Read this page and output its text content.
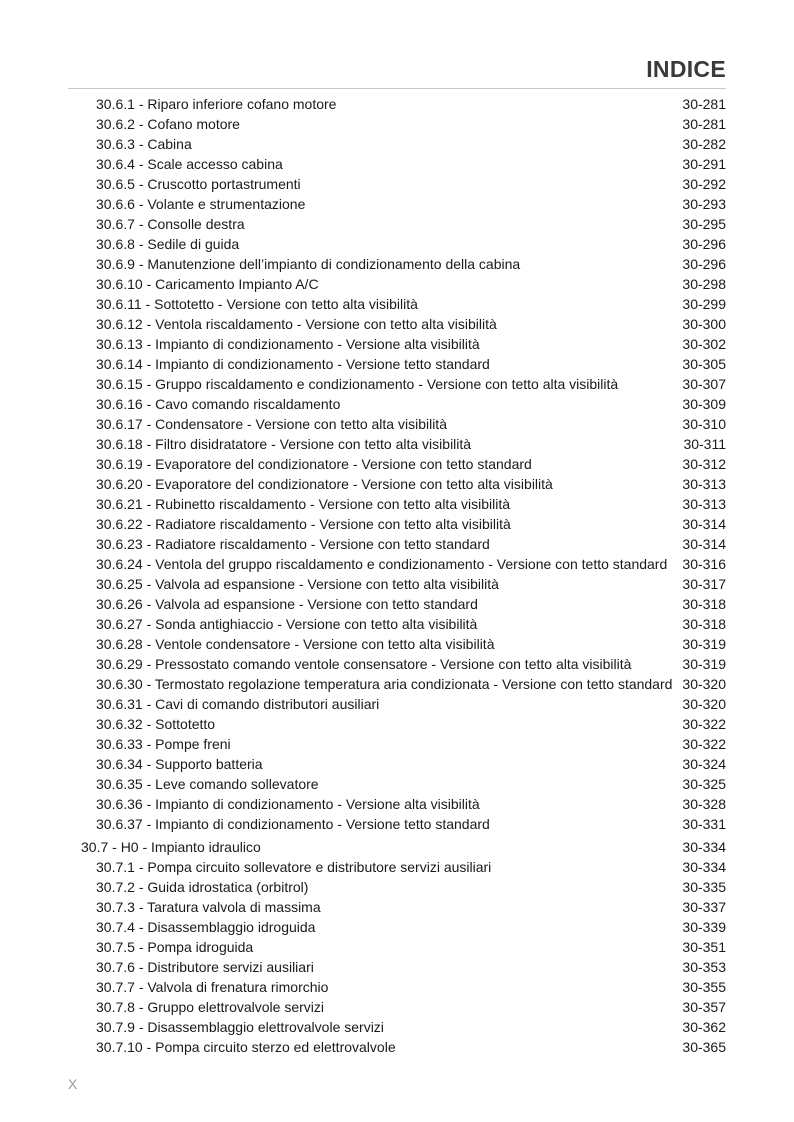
INDICE
30.6.1 - Riparo inferiore cofano motore	30-281
30.6.2 - Cofano motore	30-281
30.6.3 - Cabina	30-282
30.6.4 - Scale accesso cabina	30-291
30.6.5 - Cruscotto portastrumenti	30-292
30.6.6 - Volante e strumentazione	30-293
30.6.7 - Consolle destra	30-295
30.6.8 - Sedile di guida	30-296
30.6.9 - Manutenzione dell’impianto di condizionamento della cabina	30-296
30.6.10 - Caricamento Impianto A/C	30-298
30.6.11 - Sottotetto - Versione con tetto alta visibilità	30-299
30.6.12 - Ventola riscaldamento - Versione con tetto alta visibilità	30-300
30.6.13 - Impianto di condizionamento - Versione alta visibilità	30-302
30.6.14 - Impianto di condizionamento - Versione tetto standard	30-305
30.6.15 - Gruppo riscaldamento e condizionamento - Versione con tetto alta visibilità	30-307
30.6.16 - Cavo comando riscaldamento	30-309
30.6.17 - Condensatore - Versione con tetto alta visibilità	30-310
30.6.18 - Filtro disidratatore - Versione con tetto alta visibilità	30-311
30.6.19 - Evaporatore del condizionatore - Versione con tetto standard	30-312
30.6.20 - Evaporatore del condizionatore - Versione con tetto alta visibilità	30-313
30.6.21 - Rubinetto riscaldamento - Versione con tetto alta visibilità	30-313
30.6.22 - Radiatore riscaldamento - Versione con tetto alta visibilità	30-314
30.6.23 - Radiatore riscaldamento - Versione con tetto standard	30-314
30.6.24 - Ventola del gruppo riscaldamento e condizionamento - Versione con tetto standard 30-316
30.6.25 - Valvola ad espansione - Versione con tetto alta visibilità	30-317
30.6.26 - Valvola ad espansione - Versione con tetto standard	30-318
30.6.27 - Sonda antighiaccio - Versione con tetto alta visibilità	30-318
30.6.28 - Ventole condensatore - Versione con tetto alta visibilità	30-319
30.6.29 - Pressostato comando ventole consensatore - Versione con tetto alta visibilità	30-319
30.6.30 - Termostato regolazione temperatura aria condizionata - Versione con tetto standard 30-320
30.6.31 - Cavi di comando distributori ausiliari	30-320
30.6.32 - Sottotetto	30-322
30.6.33 - Pompe freni	30-322
30.6.34 - Supporto batteria	30-324
30.6.35 - Leve comando sollevatore	30-325
30.6.36 - Impianto di condizionamento - Versione alta visibilità	30-328
30.6.37 - Impianto di condizionamento - Versione tetto standard	30-331
30.7 - H0 - Impianto idraulico	30-334
30.7.1 - Pompa circuito sollevatore e distributore servizi ausiliari	30-334
30.7.2 - Guida idrostatica (orbitrol)	30-335
30.7.3 - Taratura valvola di massima	30-337
30.7.4 - Disassemblaggio idroguida	30-339
30.7.5 - Pompa idroguida	30-351
30.7.6 - Distributore servizi ausiliari	30-353
30.7.7 - Valvola di frenatura rimorchio	30-355
30.7.8 - Gruppo elettrovalvole servizi	30-357
30.7.9 - Disassemblaggio elettrovalvole servizi	30-362
30.7.10 - Pompa circuito sterzo ed elettrovalvole	30-365
X
